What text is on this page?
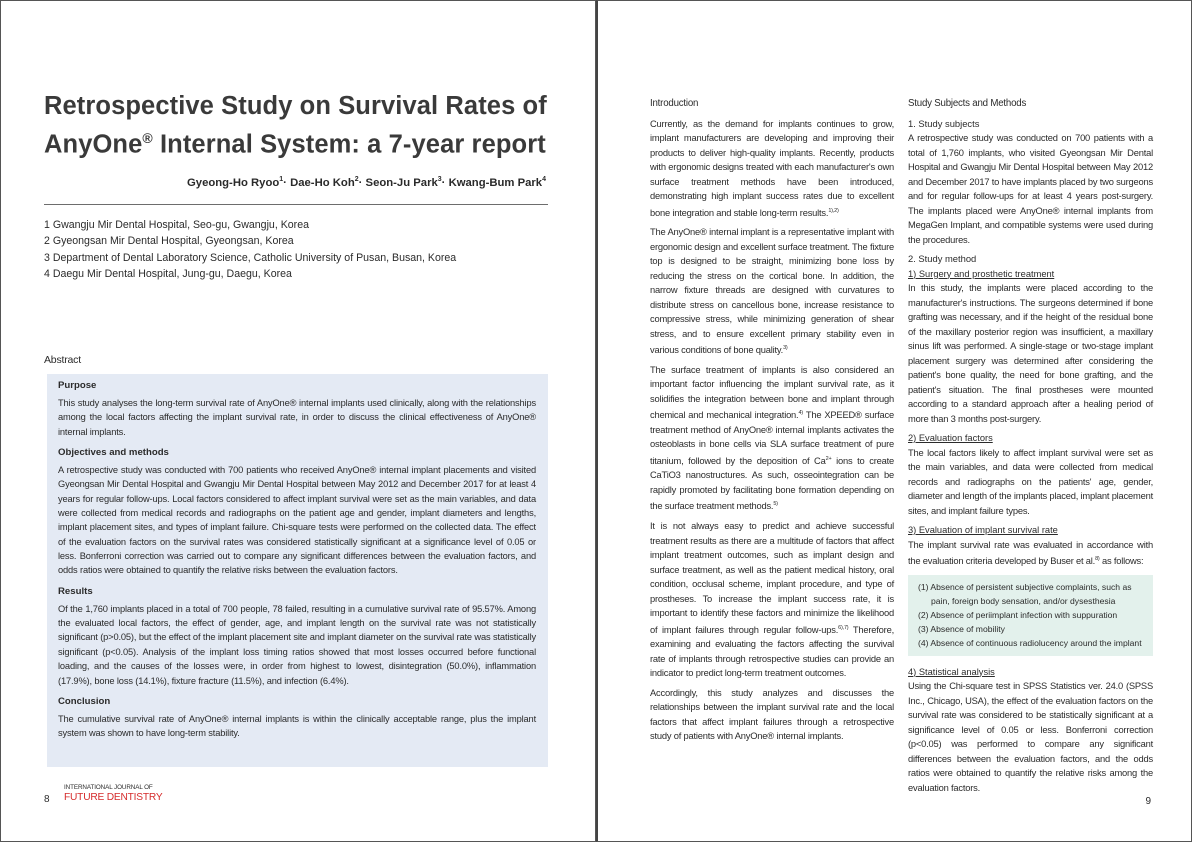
Retrospective Study on Survival Rates of
AnyOne® Internal System: a 7-year report
Gyeong-Ho Ryoo$^1$· Dae-Ho Koh$^2$· Seon-Ju Park$^3$· Kwang-Bum Park$^4$
1 Gwangju Mir Dental Hospital, Seo-gu, Gwangju, Korea
2 Gyeongsan Mir Dental Hospital, Gyeongsan, Korea
3 Department of Dental Laboratory Science, Catholic University of Pusan, Busan, Korea
4 Daegu Mir Dental Hospital, Jung-gu, Daegu, Korea
Abstract
Purpose

This study analyses the long-term survival rate of AnyOne® internal implants used clinically, along with the relationships among the local factors affecting the implant survival rate, in order to discuss the clinical effectiveness of AnyOne® internal implants.

Objectives and methods

A retrospective study was conducted with 700 patients who received AnyOne® internal implant placements and visited Gyeongsan Mir Dental Hospital and Gwangju Mir Dental Hospital between May 2012 and December 2017 for at least 4 years for regular follow-ups. Local factors considered to affect implant survival were set as the main variables, and data were collected from medical records and radiographs on the patient age and gender, implant diameters and lengths, implant placement sites, and types of implant failure. Chi-square tests were performed on the collected data. The effect of the evaluation factors on the survival rates was considered statistically significant at a significance level of 0.05 or less. Bonferroni correction was carried out to compare any significant differences between the evaluation factors, and odds ratios were obtained to quantify the relative risks between the evaluation factors.

Results

Of the 1,760 implants placed in a total of 700 people, 78 failed, resulting in a cumulative survival rate of 95.57%. Among the evaluated local factors, the effect of gender, age, and implant length on the survival rate was not statistically significant (p>0.05), but the effect of the implant placement site and implant diameter on the survival rate was statistically significant (p<0.05). Analysis of the implant loss timing ratios showed that most losses occurred before functional loading, and the causes of the losses were, in order from highest to lowest, disintegration (50.0%), inflammation (17.9%), bone loss (14.1%), fixture fracture (11.5%), and infection (6.4%).

Conclusion

The cumulative survival rate of AnyOne® internal implants is within the clinically acceptable range, plus the implant system was shown to have long-term stability.

8
INTERNATIONAL JOURNAL OF
FUTURE DENTISTRY
Introduction

Currently, as the demand for implants continues to grow, implant manufacturers are developing and improving their products to deliver high-quality implants. Recently, products with ergonomic designs treated with each manufacturer's own surface treatment methods have been introduced, demonstrating high implant success rates due to excellent bone integration and stable long-term results.$^{1),2)}$

The AnyOne® internal implant is a representative implant with ergonomic design and excellent surface treatment. The fixture top is designed to be straight, minimizing bone loss by reducing the stress on the cortical bone. In addition, the narrow fixture threads are designed with curvatures to distribute stress on cancellous bone, increase resistance to compressive stress, while minimizing generation of shear stress, and to ensure excellent primary stability even in various conditions of bone quality.$^{3)}$

The surface treatment of implants is also considered an important factor influencing the implant survival rate, as it solidifies the integration between bone and implant through chemical and mechanical integration.$^{4)}$ The XPEED® surface treatment method of AnyOne® internal implants activates the osteoblasts in bone cells via SLA surface treatment of pure titanium, followed by the deposition of $Ca^{2+}$ ions to create CaTiO3 nanostructures. As such, osseointegration can be rapidly promoted by facilitating bone formation depending on the surface treatment methods.$^{5)}$

It is not always easy to predict and achieve successful treatment results as there are a multitude of factors that affect implant treatment outcomes, such as implant design and surface treatment, as well as the patient medical history, oral condition, occlusal scheme, implant procedure, and type of prostheses. To increase the implant success rate, it is important to identify these factors and minimize the likelihood of implant failures through regular follow-ups.$^{6),7)}$ Therefore, examining and evaluating the factors affecting the survival rate of implants through retrospective studies can provide an indicator to predict long-term treatment outcomes.

Accordingly, this study analyzes and discusses the relationships between the implant survival rate and the local factors that affect implant failures through a retrospective study of patients with AnyOne® internal implants.

Study Subjects and Methods
1. Study subjects

A retrospective study was conducted on 700 patients with a total of 1,760 implants, who visited Gyeongsan Mir Dental Hospital and Gwangju Mir Dental Hospital between May 2012 and December 2017 to have implants placed by two surgeons and for regular follow-ups for at least 4 years post-surgery. The implants placed were AnyOne® internal implants from MegaGen Implant, and compatible systems were used during the procedures.

2. Study method
1) Surgery and prosthetic treatment

In this study, the implants were placed according to the manufacturer's instructions. The surgeons determined if bone grafting was necessary, and if the height of the residual bone of the maxillary posterior region was insufficient, a maxillary sinus lift was performed. A single-stage or two-stage implant placement surgery was determined after considering the patient's bone quality, the need for bone grafting, and the patient's situation. The final prostheses were mounted according to a standard approach after a healing period of more than 3 months post-surgery.

2) Evaluation factors

The local factors likely to affect implant survival were set as the main variables, and data were collected from medical records and radiographs on the patients' age, gender, diameter and length of the implants placed, implant placement sites, and implant failure types.

3) Evaluation of implant survival rate

The implant survival rate was evaluated in accordance with the evaluation criteria developed by Buser et al.$^{8)}$ as follows:

(1) Absence of persistent subjective complaints, such as pain, foreign body sensation, and/or dysesthesia
(2) Absence of periimplant infection with suppuration
(3) Absence of mobility
(4) Absence of continuous radiolucency around the implant
4) Statistical analysis

Using the Chi-square test in SPSS Statistics ver. 24.0 (SPSS Inc., Chicago, USA), the effect of the evaluation factors on the survival rate was considered to be statistically significant at a significance level of 0.05 or less. Bonferroni correction (p<0.05) was performed to compare any significant differences between the evaluation factors, and the odds ratios were obtained to quantify the relative risks among the evaluation factors.

9
